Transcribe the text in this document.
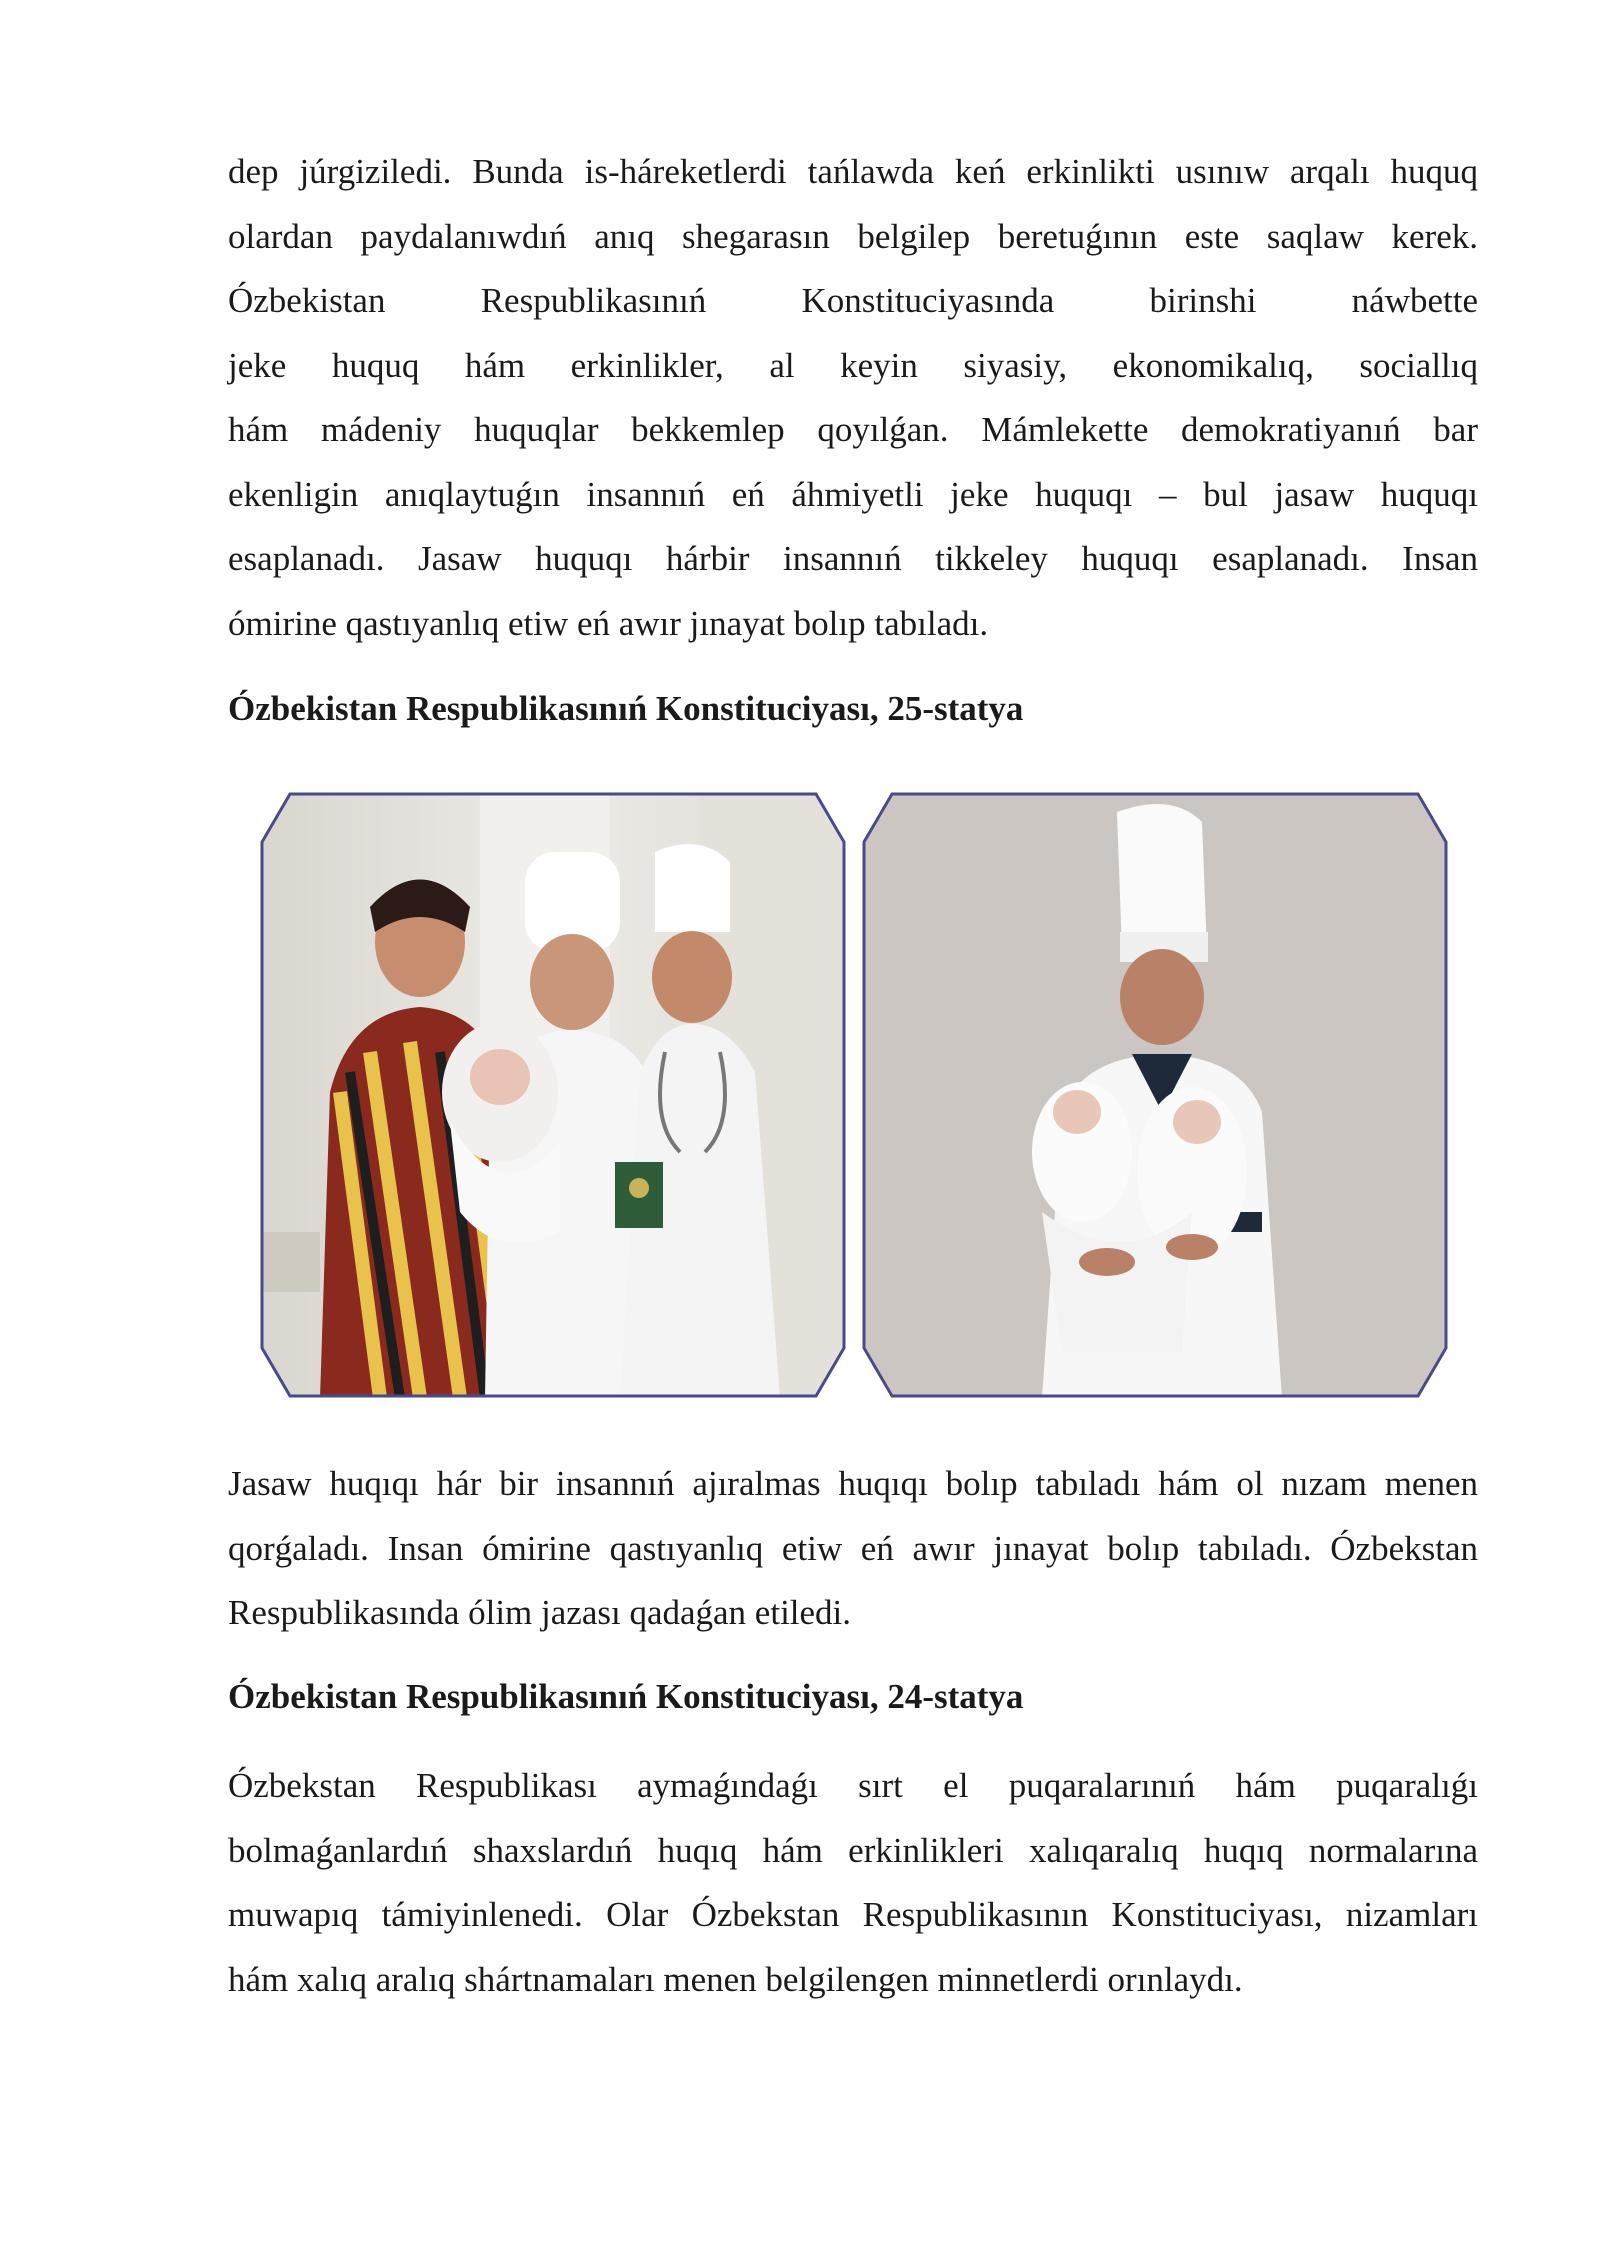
dep júrgiziledi. Bunda is-háreketlerdi tańlawda keń erkinlikti usınıw arqalı huquq
olardan paydalanıwdıń anıq shegarasın belgilep beretuǵının este saqlaw kerek.
Ózbekistan Respublikasınıń Konstituciyasında birinshi náwbette
jeke huquq hám erkinlikler, al keyin siyasiy, ekonomikalıq, sociallıq
hám mádeniy huquqlar bekkemlep qoyılǵan. Mámlekette demokratiyanıń bar
ekenligin anıqlaytuǵın insannıń eń áhmiyetli jeke huquqı – bul jasaw huquqı
esaplanadı. Jasaw huquqı hárbir insannıń tikkeley huquqı esaplanadı. Insan
ómirine qastıyanlıq etiw eń awır jınayat bolıp tabıladı.

Ózbekistan Respublikasınıń Konstituciyası, 25-statya

Jasaw huqıqı hár bir insannıń ajıralmas huqıqı bolıp tabıladı hám ol nızam menen
qorǵaladı. Insan ómirine qastıyanlıq etiw eń awır jınayat bolıp tabıladı. Ózbekstan
Respublikasında ólim jazası qadaǵan etiledi.

Ózbekistan Respublikasınıń Konstituciyası, 24-statya

Ózbekstan Respublikası aymaǵındaǵı sırt el puqaralarınıń hám puqaralıǵı
bolmaǵanlardıń shaxslardıń huqıq hám erkinlikleri xalıqaralıq huqıq normalarına
muwapıq támiyinlenedi. Olar Ózbekstan Respublikasının Konstituciyası, nizamları
hám xalıq aralıq shártnamaları menen belgilengen minnetlerdi orınlaydı.
